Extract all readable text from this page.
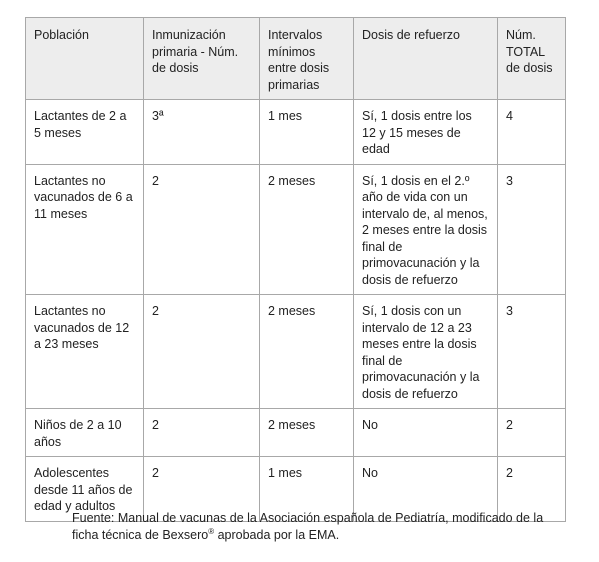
Población	Inmunización primaria - Núm. de dosis	Intervalos mínimos entre dosis primarias	Dosis de refuerzo	Núm. TOTAL de dosis
Lactantes de 2 a 5 meses	3ª	1 mes	Sí, 1 dosis entre los 12 y 15 meses de edad	4
Lactantes no vacunados de 6 a 11 meses	2	2 meses	Sí, 1 dosis en el 2.º año de vida con un intervalo de, al menos, 2 meses entre la dosis final de primovacunación y la dosis de refuerzo	3
Lactantes no vacunados de 12 a 23 meses	2	2 meses	Sí, 1 dosis con un intervalo de 12 a 23 meses entre la dosis final de primovacunación y la dosis de refuerzo	3
Niños de 2 a 10 años	2	2 meses	No	2
Adolescentes desde 11 años de edad y adultos	2	1 mes	No	2
Fuente: Manual de vacunas de la Asociación española de Pediatría, modificado de la ficha técnica de Bexsero® aprobada por la EMA.
